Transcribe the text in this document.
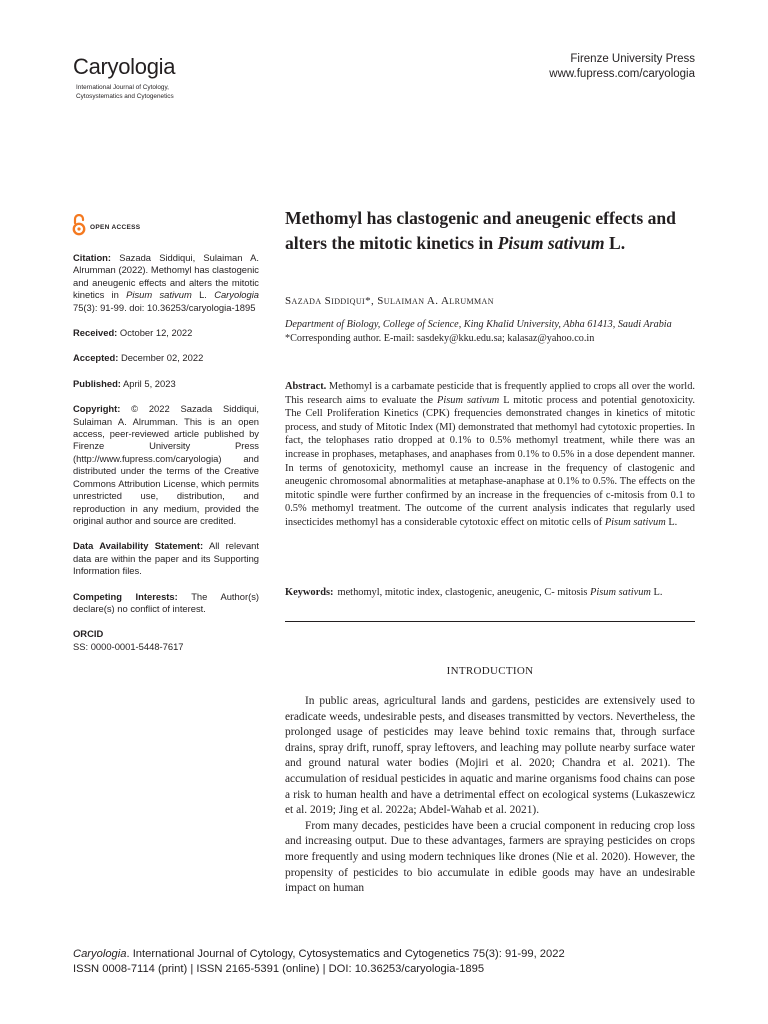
Caryologia
International Journal of Cytology,
Cytosystematics and Cytogenetics
Firenze University Press
www.fupress.com/caryologia
OPEN ACCESS

Citation: Sazada Siddiqui, Sulaiman A. Alrumman (2022). Methomyl has clastogenic and aneugenic effects and alters the mitotic kinetics in Pisum sativum L. Caryologia 75(3): 91-99. doi: 10.36253/caryologia-1895

Received: October 12, 2022

Accepted: December 02, 2022

Published: April 5, 2023

Copyright: © 2022 Sazada Siddiqui, Sulaiman A. Alrumman. This is an open access, peer-reviewed article published by Firenze University Press (http://www.fupress.com/caryologia) and distributed under the terms of the Creative Commons Attribution License, which permits unrestricted use, distribution, and reproduction in any medium, provided the original author and source are credited.

Data Availability Statement: All relevant data are within the paper and its Supporting Information files.

Competing Interests: The Author(s) declare(s) no conflict of interest.

ORCID
SS: 0000-0001-5448-7617

Methomyl has clastogenic and aneugenic effects and alters the mitotic kinetics in Pisum sativum L.
Sazada Siddiqui*, Sulaiman A. Alrumman
Department of Biology, College of Science, King Khalid University, Abha 61413, Saudi Arabia
*Corresponding author. E-mail: sasdeky@kku.edu.sa; kalasaz@yahoo.co.in
Abstract. Methomyl is a carbamate pesticide that is frequently applied to crops all over the world. This research aims to evaluate the Pisum sativum L mitotic process and potential genotoxicity. The Cell Proliferation Kinetics (CPK) frequencies demonstrated changes in kinetics of mitotic process, and study of Mitotic Index (MI) demonstrated that methomyl had cytotoxic properties. In fact, the telophases ratio dropped at 0.1% to 0.5% methomyl treatment, while there was an increase in prophases, metaphases, and anaphases from 0.1% to 0.5% in a dose dependent manner. In terms of genotoxicity, methomyl cause an increase in the frequency of clastogenic and aneugenic chromosomal abnormalities at metaphase-anaphase at 0.1% to 0.5%. The effects on the mitotic spindle were further confirmed by an increase in the frequencies of c-mitosis from 0.1 to 0.5% methomyl treatment. The outcome of the current analysis indicates that regularly used insecticides methomyl has a considerable cytotoxic effect on mitotic cells of Pisum sativum L.
Keywords: methomyl, mitotic index, clastogenic, aneugenic, C- mitosis Pisum sativum L.
INTRODUCTION

In public areas, agricultural lands and gardens, pesticides are extensively used to eradicate weeds, undesirable pests, and diseases transmitted by vectors. Nevertheless, the prolonged usage of pesticides may leave behind toxic remains that, through surface drains, spray drift, runoff, spray leftovers, and leaching may pollute nearby surface water and ground natural water bodies (Mojiri et al. 2020; Chandra et al. 2021). The accumulation of residual pesticides in aquatic and marine organisms food chains can pose a risk to human health and have a detrimental effect on ecological systems (Lukaszewicz et al. 2019; Jing et al. 2022a; Abdel-Wahab et al. 2021).

From many decades, pesticides have been a crucial component in reducing crop loss and increasing output. Due to these advantages, farmers are spraying pesticides on crops more frequently and using modern techniques like drones (Nie et al. 2020). However, the propensity of pesticides to bio accumulate in edible goods may have an undesirable impact on human

Caryologia. International Journal of Cytology, Cytosystematics and Cytogenetics 75(3): 91-99, 2022
ISSN 0008-7114 (print) | ISSN 2165-5391 (online) | DOI: 10.36253/caryologia-1895
